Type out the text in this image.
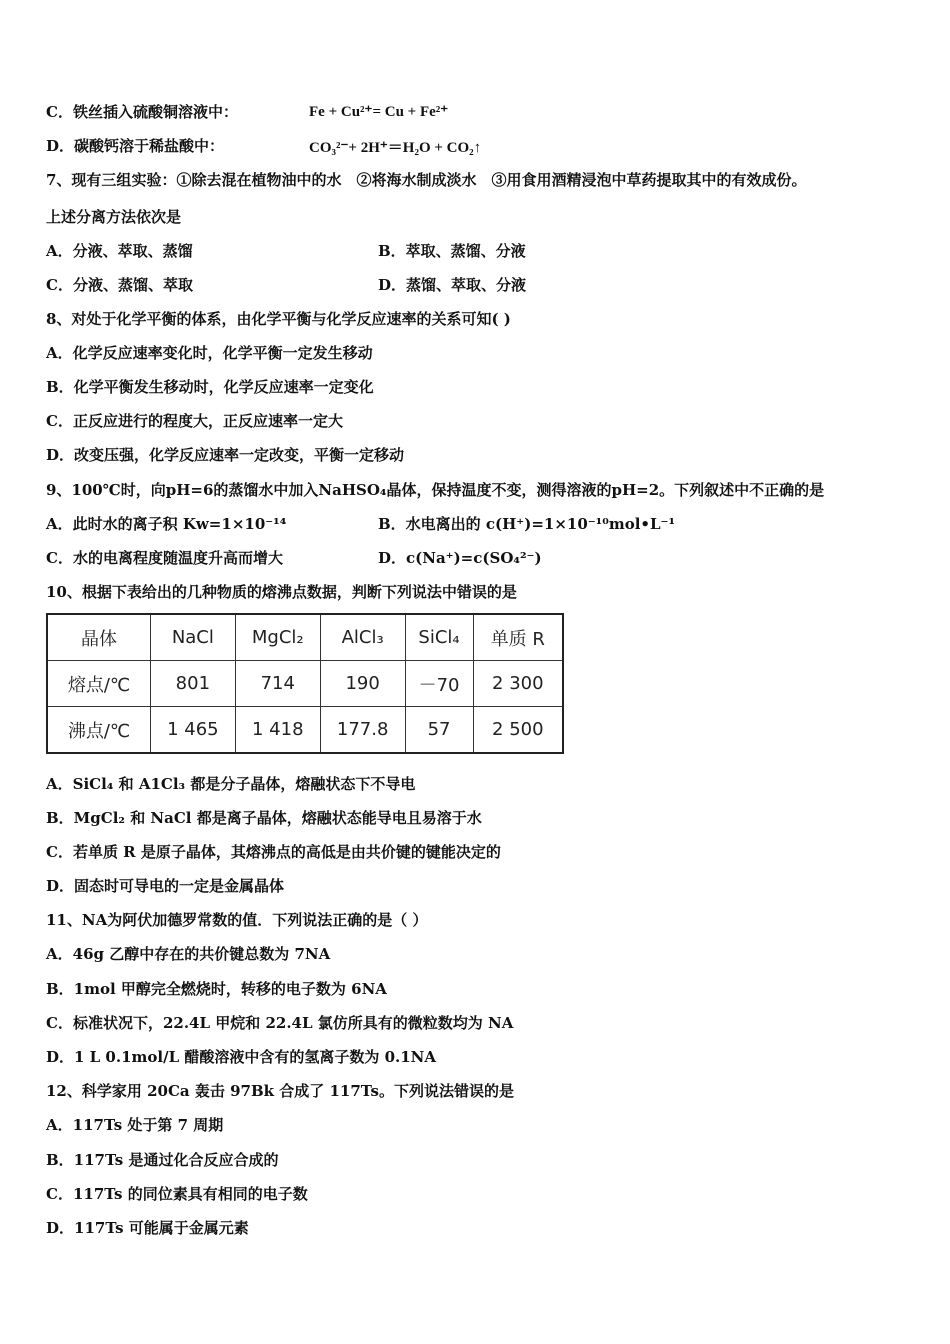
C．铁丝插入硫酸铜溶液中：	Fe + Cu²⁺= Cu + Fe²⁺
D．碳酸钙溶于稀盐酸中：	CO₃²⁻+ 2H⁺＝H₂O + CO₂↑
7、现有三组实验：①除去混在植物油中的水　②将海水制成淡水　③用食用酒精浸泡中草药提取其中的有效成份。
上述分离方法依次是
A．分液、萃取、蒸馏	B．萃取、蒸馏、分液
C．分液、蒸馏、萃取	D．蒸馏、萃取、分液
8、对处于化学平衡的体系，由化学平衡与化学反应速率的关系可知( )
A．化学反应速率变化时，化学平衡一定发生移动
B．化学平衡发生移动时，化学反应速率一定变化
C．正反应进行的程度大，正反应速率一定大
D．改变压强，化学反应速率一定改变，平衡一定移动
9、100℃时，向pH=6的蒸馏水中加入NaHSO₄晶体，保持温度不变，测得溶液的pH=2。下列叙述中不正确的是
A．此时水的离子积 Kw=1×10⁻¹⁴	B．水电离出的 c(H⁺)=1×10⁻¹⁰mol•L⁻¹
C．水的电离程度随温度升高而增大	D．c(Na⁺)=c(SO₄²⁻)
10、根据下表给出的几种物质的熔沸点数据，判断下列说法中错误的是
晶体	NaCl	MgCl₂	AlCl₃	SiCl₄	单质 R
熔点/℃	801	714	190	－70	2 300
沸点/℃	1 465	1 418	177.8	57	2 500
A．SiCl₄ 和 A1Cl₃ 都是分子晶体，熔融状态下不导电
B．MgCl₂ 和 NaCl 都是离子晶体，熔融状态能导电且易溶于水
C．若单质 R 是原子晶体，其熔沸点的高低是由共价键的键能决定的
D．固态时可导电的一定是金属晶体
11、NA为阿伏加德罗常数的值．下列说法正确的是（ ）
A．46g 乙醇中存在的共价键总数为 7NA
B．1mol 甲醇完全燃烧时，转移的电子数为 6NA
C．标准状况下，22.4L 甲烷和 22.4L 氯仿所具有的微粒数均为 NA
D．1 L 0.1mol/L 醋酸溶液中含有的氢离子数为 0.1NA
12、科学家用 20Ca 轰击 97Bk 合成了 117Ts。下列说法错误的是
A．117Ts 处于第 7 周期
B．117Ts 是通过化合反应合成的
C．117Ts 的同位素具有相同的电子数
D．117Ts 可能属于金属元素
